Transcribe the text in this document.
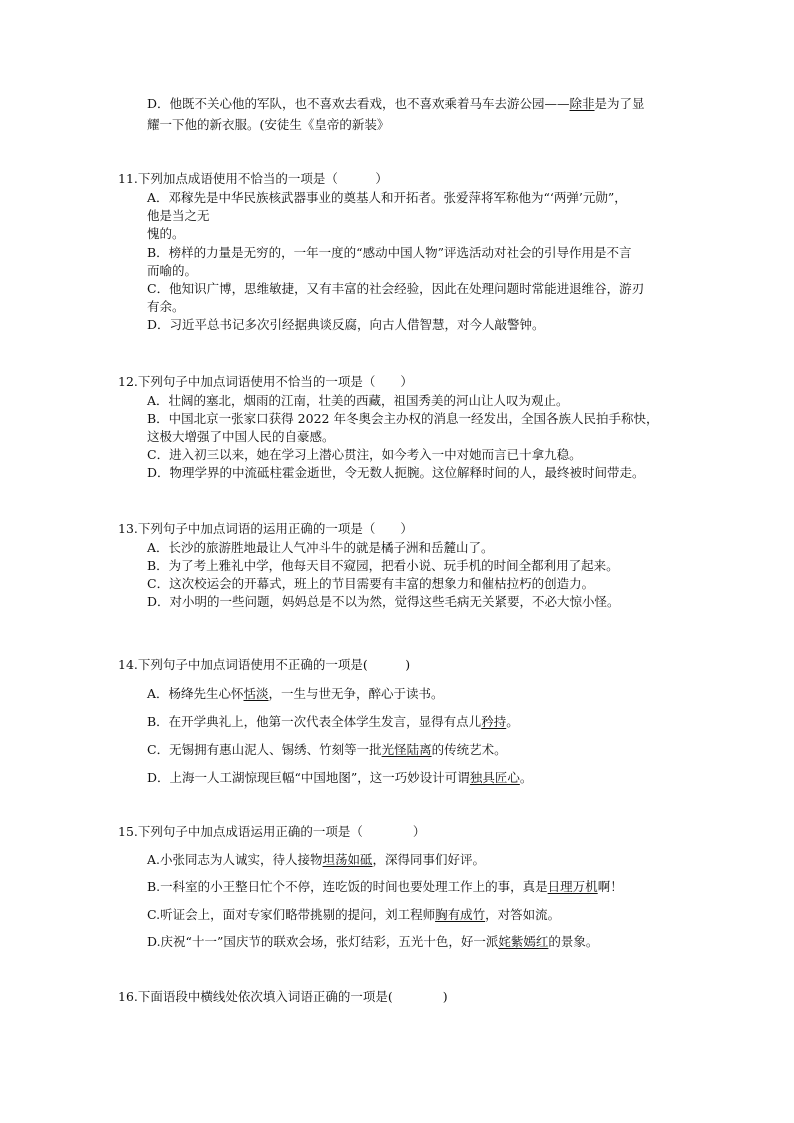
D．他既不关心他的军队，也不喜欢去看戏，也不喜欢乘着马车去游公园——除非是为了显
耀一下他的新衣服。(安徒生《皇帝的新装》
11.下列加点成语使用不恰当的一项是（　　　）
A．邓稼先是中华民族核武器事业的奠基人和开拓者。张爱萍将军称他为“‘两弹’元勋”，
他是当之无
愧的。
B．榜样的力量是无穷的，一年一度的“感动中国人物”评选活动对社会的引导作用是不言
而喻的。
C．他知识广博，思维敏捷，又有丰富的社会经验，因此在处理问题时常能进退维谷，游刃
有余。
D．习近平总书记多次引经据典谈反腐，向古人借智慧，对今人敲警钟。
12.下列句子中加点词语使用不恰当的一项是（　　）
A．壮阔的塞北，烟雨的江南，壮美的西藏，祖国秀美的河山让人叹为观止。
B．中国北京一张家口获得 2022 年冬奥会主办权的消息一经发出，全国各族人民拍手称快，
这极大增强了中国人民的自豪感。
C．进入初三以来，她在学习上潜心贯注，如今考入一中对她而言已十拿九稳。
D．物理学界的中流砥柱霍金逝世，令无数人扼腕。这位解释时间的人，最终被时间带走。
13.下列句子中加点词语的运用正确的一项是（　　）
A．长沙的旅游胜地最让人气冲斗牛的就是橘子洲和岳麓山了。
B．为了考上雅礼中学，他每天目不窥园，把看小说、玩手机的时间全都利用了起来。
C．这次校运会的开幕式，班上的节目需要有丰富的想象力和催枯拉朽的创造力。
D．对小明的一些问题，妈妈总是不以为然，觉得这些毛病无关紧要，不必大惊小怪。
14.下列句子中加点词语使用不正确的一项是(　　　)
A．杨绛先生心怀恬淡，一生与世无争，醉心于读书。
B．在开学典礼上，他第一次代表全体学生发言，显得有点儿矜持。
C．无锡拥有惠山泥人、锡绣、竹刻等一批光怪陆离的传统艺术。
D．上海一人工湖惊现巨幅“中国地图”，这一巧妙设计可谓独具匠心。
15.下列句子中加点成语运用正确的一项是（　　　　）
A.小张同志为人诚实，待人接物坦荡如砥，深得同事们好评。
B.一科室的小王整日忙个不停，连吃饭的时间也要处理工作上的事，真是日理万机啊！
C.听证会上，面对专家们略带挑剔的提问，刘工程师胸有成竹，对答如流。
D.庆祝“十一”国庆节的联欢会场，张灯结彩，五光十色，好一派姹紫嫣红的景象。
16.下面语段中横线处依次填入词语正确的一项是(　　　　)
